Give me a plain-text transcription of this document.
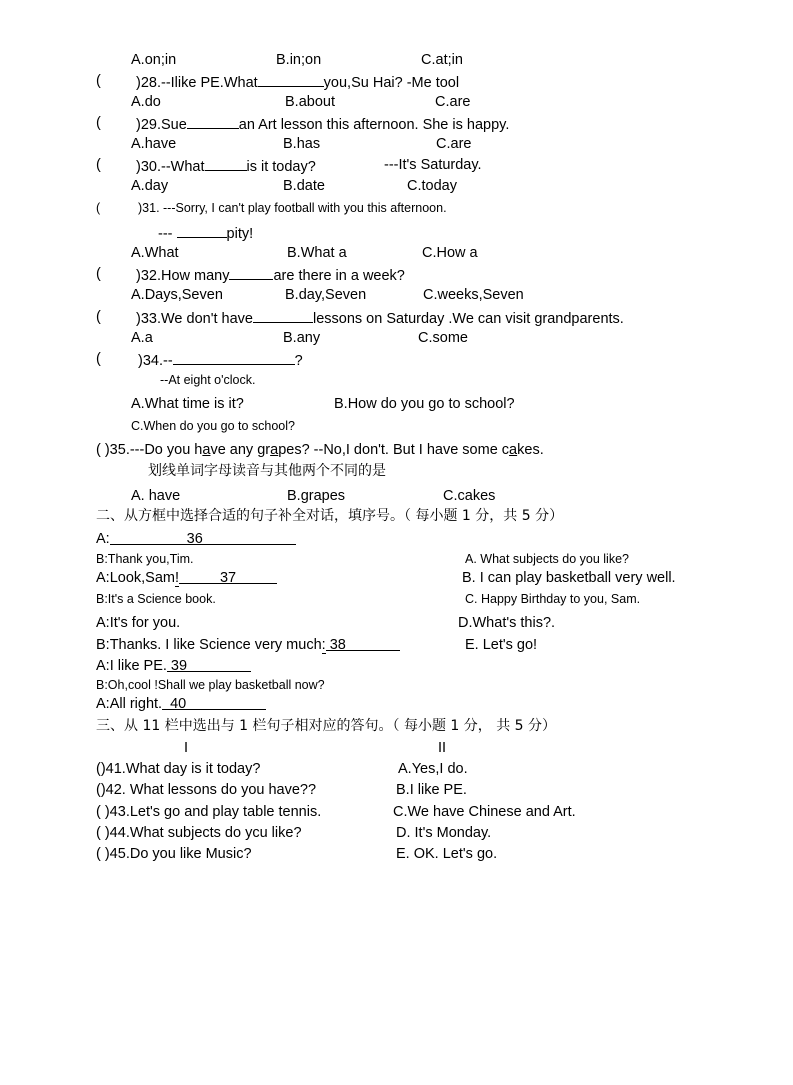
A.on;in	B.in;on	C.at;in
( )28.--Ilike PE.What	you,Su Hai? -Me tool
A.do	B.about	C.are
( )29.Sue	an Art lesson this afternoon. She is happy.
A.have	B.has	C.are
( )30.--What	is it today?	---It's Saturday.
A.day	B.date	C.today
(	)31. ---Sorry, I can't play football with you this afternoon.
---	pity!
A.What	B.What a	C.How a
( )32.How many	are there in a week?
A.Days,Seven	B.day,Seven	C.weeks,Seven
( )33.We don't have	lessons on Saturday .We can visit grandparents.
A.a	B.any	C.some
(	)34.--	?
--At eight o'clock.
A.What time is it?	B.How do you go to school?
C.When do you go to school?
( )35.---Do you have any grapes? --No,I don't. But I have some cakes.
划线单词字母读音与其他两个不同的是
A. have	B.grapes	C.cakes
二、从方框中选择合适的句子补全对话，填序号。（ 每小题 1 分，共 5 分）
A:	36
B:Thank you,Tim.
A:Look,Sam!	37
B:It's a Science book.
A:It's for you.
B:Thanks. I like Science very much: 38
A:I like PE. 39
B:Oh,cool !Shall we play basketball now?
A:All right. 40
A. What subjects do you like?
B. I can play basketball very well.
C. Happy Birthday to you, Sam.
D.What's this?.
E. Let's go!
三、从 11 栏中选出与 1 栏句子相对应的答句。（ 每小题 1 分， 共 5 分）
I	II
()41.What day is it today?	A.Yes,I do.
()42. What lessons do you have??	B.I like PE.
( )43.Let's go and play table tennis.	C.We have Chinese and Art.
( )44.What subjects do ycu like?	D. It's Monday.
( )45.Do you like Music?	E. OK. Let's go.
